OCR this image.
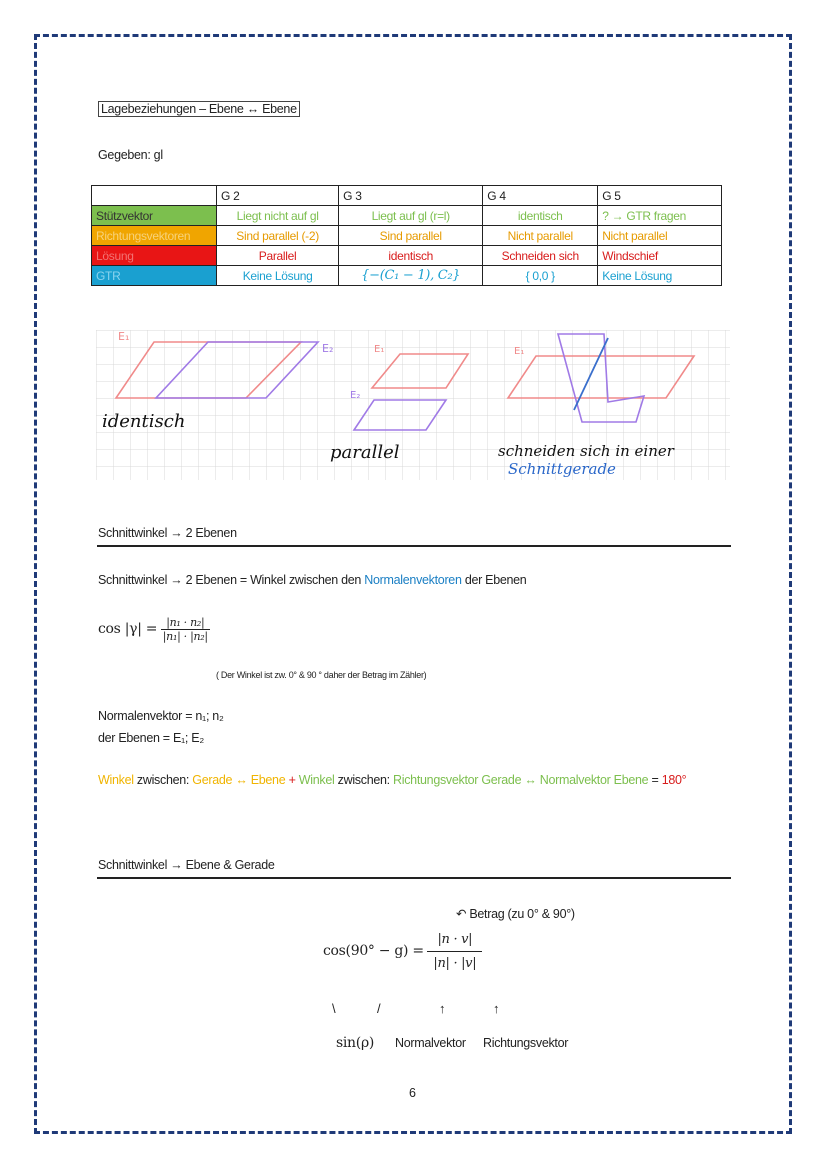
Lagebeziehungen – Ebene ↔ Ebene
Gegeben: gl
	G 2	G 3	G 4	G 5
Stützvektor	Liegt nicht auf gl	Liegt auf gl (r=l)	identisch	? → GTR fragen
Richtungsvektoren	Sind parallel (-2)	Sind parallel	Nicht parallel	Nicht parallel
Lösung	Parallel	identisch	Schneiden sich	Windschief
GTR	Keine Lösung	{−(C₁ − 1), C₂}	{ 0,0 }	Keine Lösung
E₁
E₂
identisch
E₁
E₂
parallel
E₁
schneiden sich in einer
Schnittgerade
Schnittwinkel → 2 Ebenen
Schnittwinkel → 2 Ebenen = Winkel zwischen den Normalenvektoren der Ebenen
$\cos |\gamma| = \frac{\text{|n₁ · n₂|}}{\text{|n₁| · |n₂|}}$
( Der Winkel ist zw. 0° & 90 ° daher der Betrag im Zähler)
Normalenvektor = n₁; n₂
der Ebenen = E₁; E₂
Winkel zwischen: Gerade ↔ Ebene + Winkel zwischen: Richtungsvektor Gerade ↔ Normalvektor Ebene = 180°
Schnittwinkel → Ebene & Gerade
↶ Betrag (zu 0° & 90°)
$\cos(90^\circ - g) = \frac{|n \cdot v|}{|n| \cdot |v|}$
\	/	↑	↑
sin(ρ) Normalvektor Richtungsvektor
6
